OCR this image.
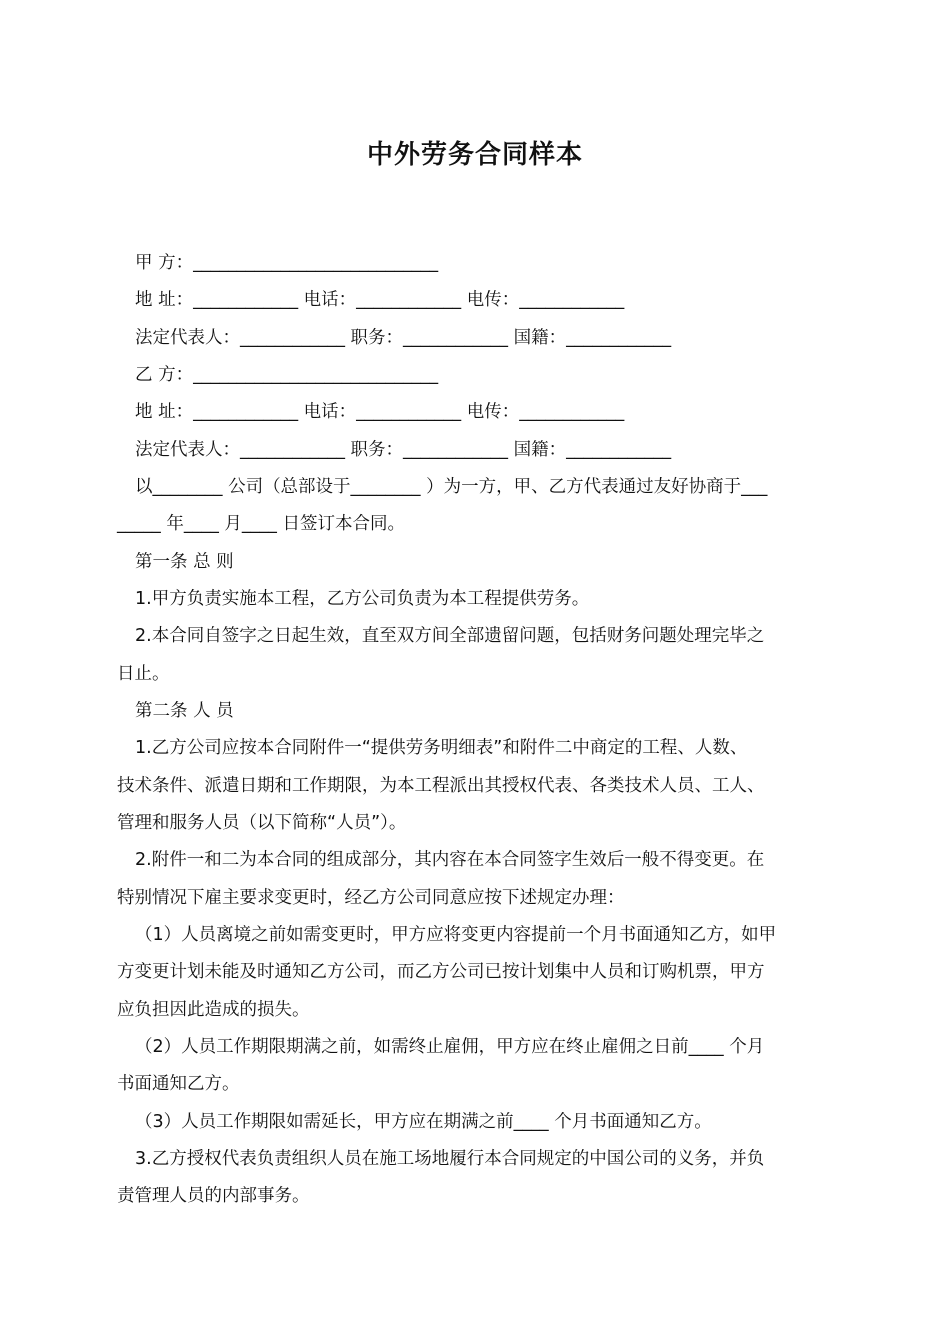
中外劳务合同样本
甲 方：____________________________
地 址：____________ 电话：____________ 电传：____________
法定代表人：____________ 职务：____________ 国籍：____________
乙 方：____________________________
地 址：____________ 电话：____________ 电传：____________
法定代表人：____________ 职务：____________ 国籍：____________
以________ 公司（总部设于________ ）为一方，甲、乙方代表通过友好协商于___
_____ 年____ 月____ 日签订本合同。
第一条 总 则
1.甲方负责实施本工程，乙方公司负责为本工程提供劳务。
2.本合同自签字之日起生效，直至双方间全部遗留问题，包括财务问题处理完毕之
日止。
第二条 人 员
1.乙方公司应按本合同附件一“提供劳务明细表”和附件二中商定的工程、人数、
技术条件、派遣日期和工作期限，为本工程派出其授权代表、各类技术人员、工人、
管理和服务人员（以下简称“人员”）。
2.附件一和二为本合同的组成部分，其内容在本合同签字生效后一般不得变更。在
特别情况下雇主要求变更时，经乙方公司同意应按下述规定办理：
（1）人员离境之前如需变更时，甲方应将变更内容提前一个月书面通知乙方，如甲
方变更计划未能及时通知乙方公司，而乙方公司已按计划集中人员和订购机票，甲方
应负担因此造成的损失。
（2）人员工作期限期满之前，如需终止雇佣，甲方应在终止雇佣之日前____ 个月
书面通知乙方。
（3）人员工作期限如需延长，甲方应在期满之前____ 个月书面通知乙方。
3.乙方授权代表负责组织人员在施工场地履行本合同规定的中国公司的义务，并负
责管理人员的内部事务。
